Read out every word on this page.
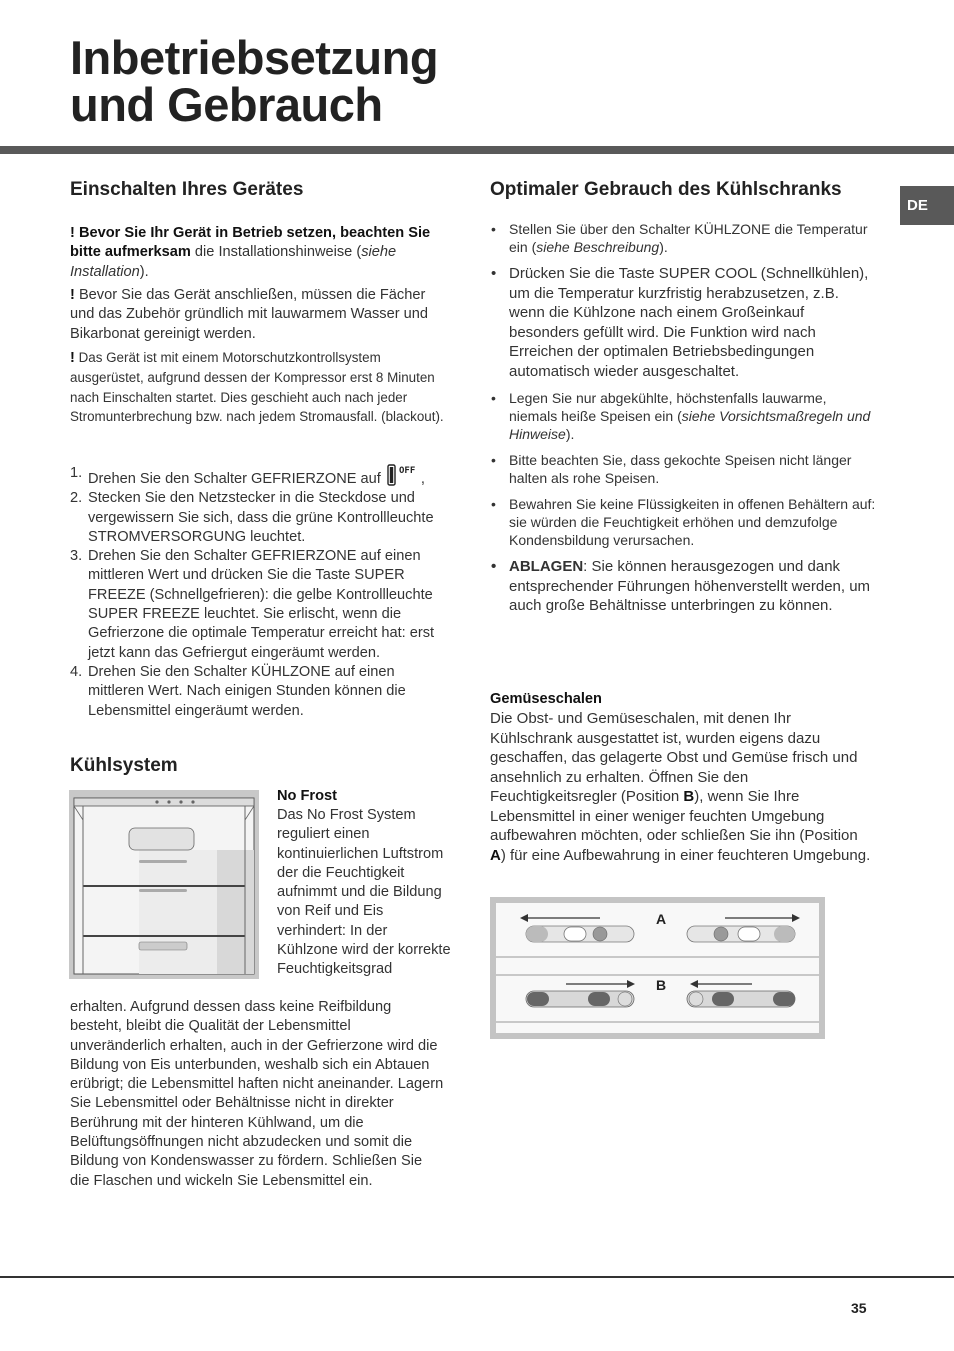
Inbetriebsetzung
und Gebrauch
DE
Einschalten Ihres Gerätes

! Bevor Sie Ihr Gerät in Betrieb setzen, beachten Sie bitte aufmerksam die Installationshinweise (siehe Installation).

! Bevor Sie das Gerät anschließen, müssen die Fächer und das Zubehör gründlich mit lauwarmem Wasser und Bikarbonat gereinigt werden.

! Das Gerät ist mit einem Motorschutzkontrollsystem ausgerüstet, aufgrund dessen der Kompressor erst 8 Minuten nach Einschalten startet. Dies geschieht auch nach jeder Stromunterbrechung bzw. nach jedem Stromausfall. (blackout).

1. Drehen Sie den Schalter GEFRIERZONE auf OFF ,
2. Stecken Sie den Netzstecker in die Steckdose und vergewissern Sie sich, dass die grüne Kontrollleuchte STROMVERSORGUNG leuchtet.
3. Drehen Sie den Schalter GEFRIERZONE auf einen mittleren Wert und drücken Sie die Taste SUPER FREEZE (Schnellgefrieren): die gelbe Kontrollleuchte SUPER FREEZE leuchtet. Sie erlischt, wenn die Gefrierzone die optimale Temperatur erreicht hat: erst jetzt kann das Gefriergut eingeräumt werden.
4. Drehen Sie den Schalter KÜHLZONE auf einen mittleren Wert. Nach einigen Stunden können die Lebensmittel eingeräumt werden.
Kühlsystem
No Frost

Das No Frost System reguliert einen kontinuierlichen Luftstrom der die Feuchtigkeit aufnimmt und die Bildung von Reif und Eis verhindert: In der Kühlzone wird der korrekte Feuchtigkeitsgrad

erhalten. Aufgrund dessen dass keine Reifbildung besteht, bleibt die Qualität der Lebensmittel unveränderlich erhalten, auch in der Gefrierzone wird die Bildung von Eis unterbunden, weshalb sich ein Abtauen erübrigt; die Lebensmittel haften nicht aneinander. Lagern Sie Lebensmittel oder Behältnisse nicht in direkter Berührung mit der hinteren Kühlwand, um die Belüftungsöffnungen nicht abzudecken und somit die Bildung von Kondenswasser zu fördern. Schließen Sie die Flaschen und wickeln Sie Lebensmittel ein.

Optimaler Gebrauch des Kühlschranks
• Stellen Sie über den Schalter KÜHLZONE die Temperatur ein (siehe Beschreibung).
• Drücken Sie die Taste SUPER COOL (Schnellkühlen), um die Temperatur kurzfristig herabzusetzen, z.B. wenn die Kühlzone nach einem Großeinkauf besonders gefüllt wird. Die Funktion wird nach Erreichen der optimalen Betriebsbedingungen automatisch wieder ausgeschaltet.
• Legen Sie nur abgekühlte, höchstenfalls lauwarme, niemals heiße Speisen ein (siehe Vorsichtsmaßregeln und Hinweise).
• Bitte beachten Sie, dass gekochte Speisen nicht länger halten als rohe Speisen.
• Bewahren Sie keine Flüssigkeiten in offenen Behältern auf: sie würden die Feuchtigkeit erhöhen und demzufolge Kondensbildung verursachen.
• ABLAGEN: Sie können herausgezogen und dank entsprechender Führungen höhenverstellt werden, um auch große Behältnisse unterbringen zu können.
Gemüseschalen

Die Obst- und Gemüseschalen, mit denen Ihr Kühlschrank ausgestattet ist, wurden eigens dazu geschaffen, das gelagerte Obst und Gemüse frisch und ansehnlich zu erhalten. Öffnen Sie den Feuchtigkeitsregler (Position B), wenn Sie Ihre Lebensmittel in einer weniger feuchten Umgebung aufbewahren möchten, oder schließen Sie ihn (Position A) für eine Aufbewahrung in einer feuchteren Umgebung.

A
B
35
